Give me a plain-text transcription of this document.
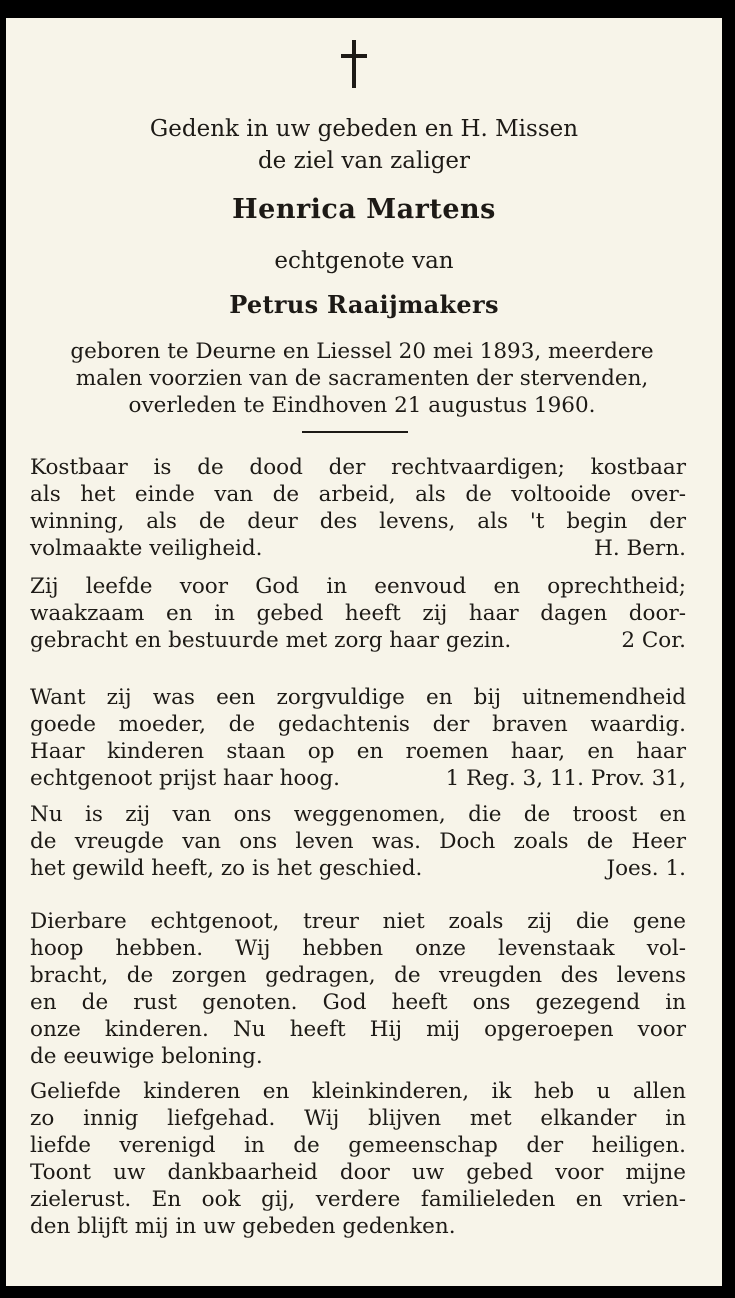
Gedenk in uw gebeden en H. Missen
de ziel van zaliger
Henrica Martens
echtgenote van
Petrus Raaijmakers
geboren te Deurne en Liessel 20 mei 1893, meerdere
malen voorzien van de sacramenten der stervenden,
overleden te Eindhoven 21 augustus 1960.
Kostbaar is de dood der rechtvaardigen; kostbaar
als het einde van de arbeid, als de voltooide over-
winning, als de deur des levens, als 't begin der
volmaakte veiligheid.	H. Bern.
Zij leefde voor God in eenvoud en oprechtheid;
waakzaam en in gebed heeft zij haar dagen door-
gebracht en bestuurde met zorg haar gezin.	2 Cor.
Want zij was een zorgvuldige en bij uitnemendheid
goede moeder, de gedachtenis der braven waardig.
Haar kinderen staan op en roemen haar, en haar
echtgenoot prijst haar hoog.	1 Reg. 3, 11. Prov. 31,
Nu is zij van ons weggenomen, die de troost en
de vreugde van ons leven was. Doch zoals de Heer
het gewild heeft, zo is het geschied.	Joes. 1.
Dierbare echtgenoot, treur niet zoals zij die gene
hoop hebben. Wij hebben onze levenstaak vol-
bracht, de zorgen gedragen, de vreugden des levens
en de rust genoten. God heeft ons gezegend in
onze kinderen. Nu heeft Hij mij opgeroepen voor
de eeuwige beloning.
Geliefde kinderen en kleinkinderen, ik heb u allen
zo innig liefgehad. Wij blijven met elkander in
liefde verenigd in de gemeenschap der heiligen.
Toont uw dankbaarheid door uw gebed voor mijne
zielerust. En ook gij, verdere familieleden en vrien-
den blijft mij in uw gebeden gedenken.
